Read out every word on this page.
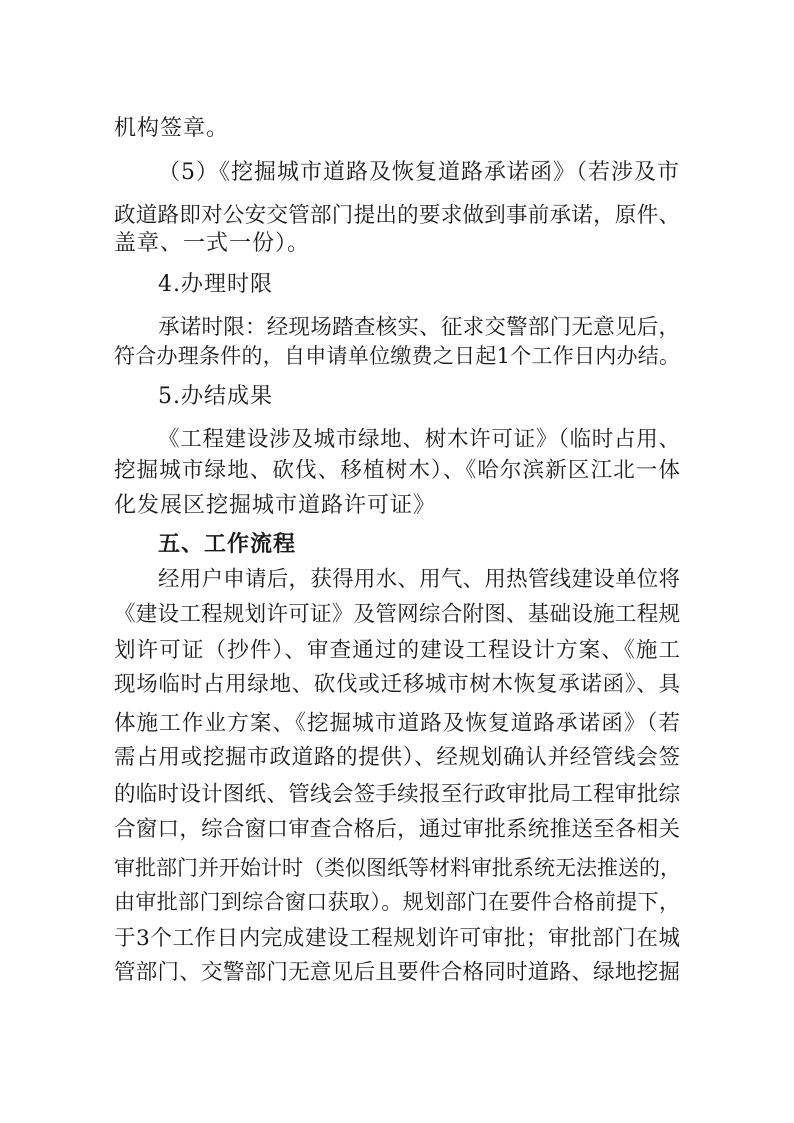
机构签章。
（5）《挖掘城市道路及恢复道路承诺函》（若涉及市
政道路即对公安交管部门提出的要求做到事前承诺，原件、
盖章、一式一份）。
4.办理时限
承诺时限：经现场踏查核实、征求交警部门无意见后，
符合办理条件的，自申请单位缴费之日起1个工作日内办结。
5.办结成果
《工程建设涉及城市绿地、树木许可证》（临时占用、
挖掘城市绿地、砍伐、移植树木）、《哈尔滨新区江北一体
化发展区挖掘城市道路许可证》
五、工作流程
经用户申请后，获得用水、用气、用热管线建设单位将
《建设工程规划许可证》及管网综合附图、基础设施工程规
划许可证（抄件）、审查通过的建设工程设计方案、《施工
现场临时占用绿地、砍伐或迁移城市树木恢复承诺函》、具
体施工作业方案、《挖掘城市道路及恢复道路承诺函》（若
需占用或挖掘市政道路的提供）、经规划确认并经管线会签
的临时设计图纸、管线会签手续报至行政审批局工程审批综
合窗口，综合窗口审查合格后，通过审批系统推送至各相关
审批部门并开始计时（类似图纸等材料审批系统无法推送的，
由审批部门到综合窗口获取）。规划部门在要件合格前提下，
于3个工作日内完成建设工程规划许可审批；审批部门在城
管部门、交警部门无意见后且要件合格同时道路、绿地挖掘
